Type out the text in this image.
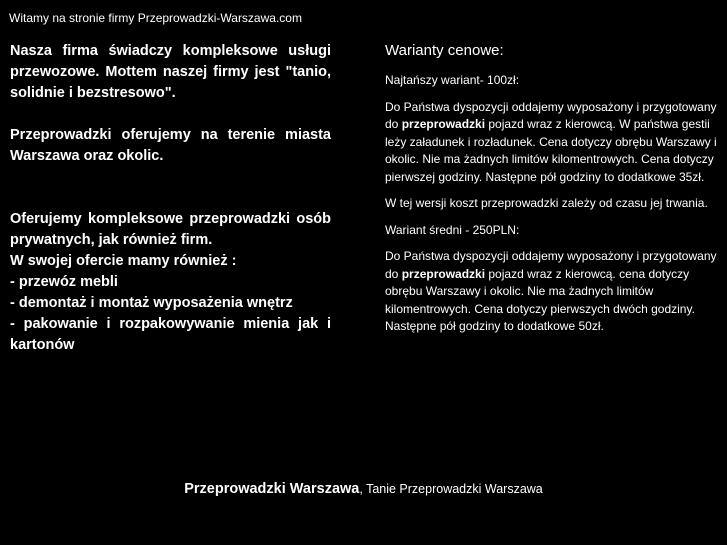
Witamy na stronie firmy Przeprowadzki-Warszawa.com

Nasza firma świadczy kompleksowe usługi przewozowe. Mottem naszej firmy jest "tanio, solidnie i bezstresowo".

Przeprowadzki oferujemy na terenie miasta Warszawa oraz okolic.

Oferujemy kompleksowe przeprowadzki osób prywatnych, jak również firm.
W swojej ofercie mamy również :
- przewóz mebli
- demontaż i montaż wyposażenia wnętrz
- pakowanie i rozpakowywanie mienia jak i kartonów

Warianty cenowe:

Najtańszy wariant- 100zł:

Do Państwa dyspozycji oddajemy wyposażony i przygotowany do przeprowadzki pojazd wraz z kierowcą. W państwa gestii leży załadunek i rozładunek. Cena dotyczy obrębu Warszawy i okolic. Nie ma żadnych limitów kilomentrowych. Cena dotyczy pierwszej godziny. Następne pół godziny to dodatkowe 35zł.

W tej wersji koszt przeprowadzki zależy od czasu jej trwania.

Wariant średni - 250PLN:

Do Państwa dyspozycji oddajemy wyposażony i przygotowany do przeprowadzki pojazd wraz z kierowcą. cena dotyczy obrębu Warszawy i okolic. Nie ma żadnych limitów kilomentrowych. Cena dotyczy pierwszych dwóch godziny. Następne pół godziny to dodatkowe 50zł.

Przeprowadzki Warszawa, Tanie Przeprowadzki Warszawa
